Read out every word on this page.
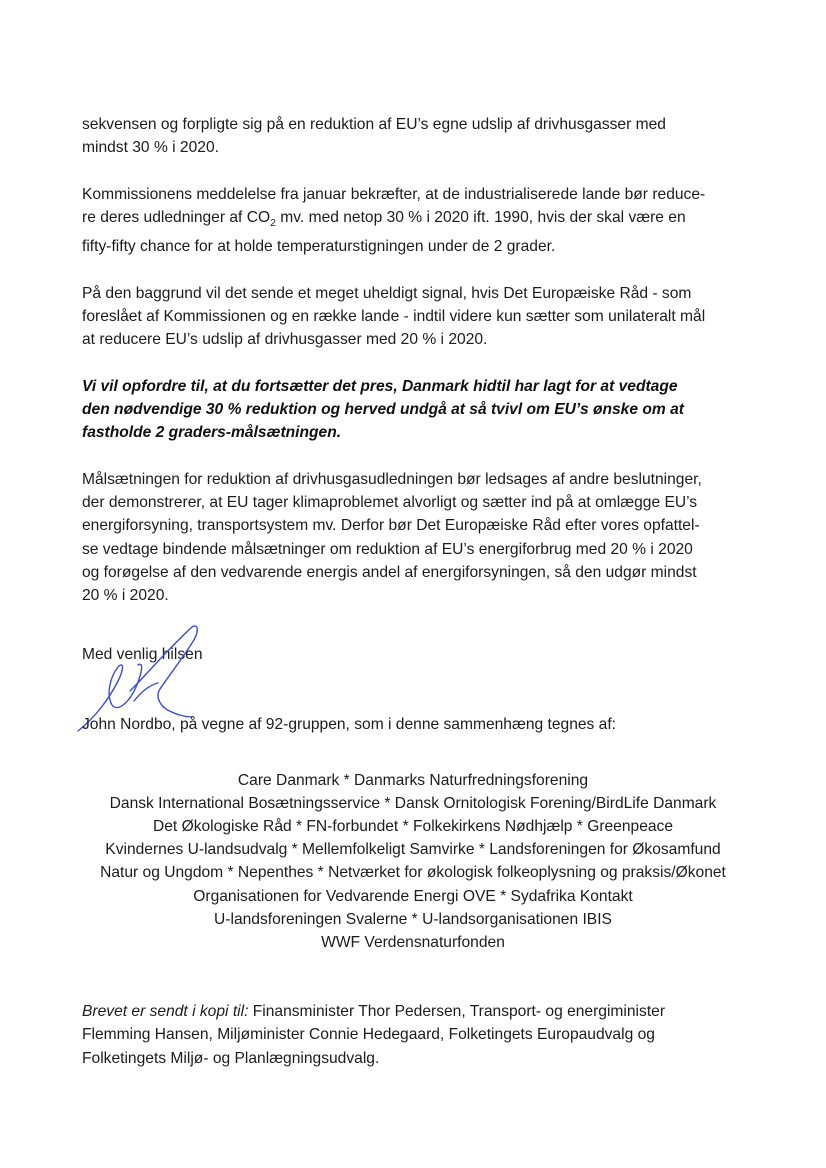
sekvensen og forpligte sig på en reduktion af EU’s egne udslip af drivhusgasser med
mindst 30 % i 2020.

Kommissionens meddelelse fra januar bekræfter, at de industrialiserede lande bør reduce-
re deres udledninger af $CO_2$ mv. med netop 30 % i 2020 ift. 1990, hvis der skal være en
fifty-fifty chance for at holde temperaturstigningen under de 2 grader.

På den baggrund vil det sende et meget uheldigt signal, hvis Det Europæiske Råd - som
foreslået af Kommissionen og en række lande - indtil videre kun sætter som unilateralt mål
at reducere EU’s udslip af drivhusgasser med 20 % i 2020.

Vi vil opfordre til, at du fortsætter det pres, Danmark hidtil har lagt for at vedtage
den nødvendige 30 % reduktion og herved undgå at så tvivl om EU’s ønske om at
fastholde 2 graders-målsætningen.

Målsætningen for reduktion af drivhusgasudledningen bør ledsages af andre beslutninger,
der demonstrerer, at EU tager klimaproblemet alvorligt og sætter ind på at omlægge EU’s
energiforsyning, transportsystem mv. Derfor bør Det Europæiske Råd efter vores opfattel-
se vedtage bindende målsætninger om reduktion af EU’s energiforbrug med 20 % i 2020
og forøgelse af den vedvarende energis andel af energiforsyningen, så den udgør mindst
20 % i 2020.

Med venlig hilsen
John Nordbo, på vegne af 92-gruppen, som i denne sammenhæng tegnes af:
Care Danmark * Danmarks Naturfredningsforening
Dansk International Bosætningsservice * Dansk Ornitologisk Forening/BirdLife Danmark
Det Økologiske Råd * FN-forbundet * Folkekirkens Nødhjælp * Greenpeace
Kvindernes U-landsudvalg * Mellemfolkeligt Samvirke * Landsforeningen for Økosamfund
Natur og Ungdom * Nepenthes * Netværket for økologisk folkeoplysning og praksis/Økonet
Organisationen for Vedvarende Energi OVE * Sydafrika Kontakt
U-landsforeningen Svalerne * U-landsorganisationen IBIS
WWF Verdensnaturfonden

Brevet er sendt i kopi til: Finansminister Thor Pedersen, Transport- og energiminister
Flemming Hansen, Miljøminister Connie Hedegaard, Folketingets Europaudvalg og
Folketingets Miljø- og Planlægningsudvalg.
